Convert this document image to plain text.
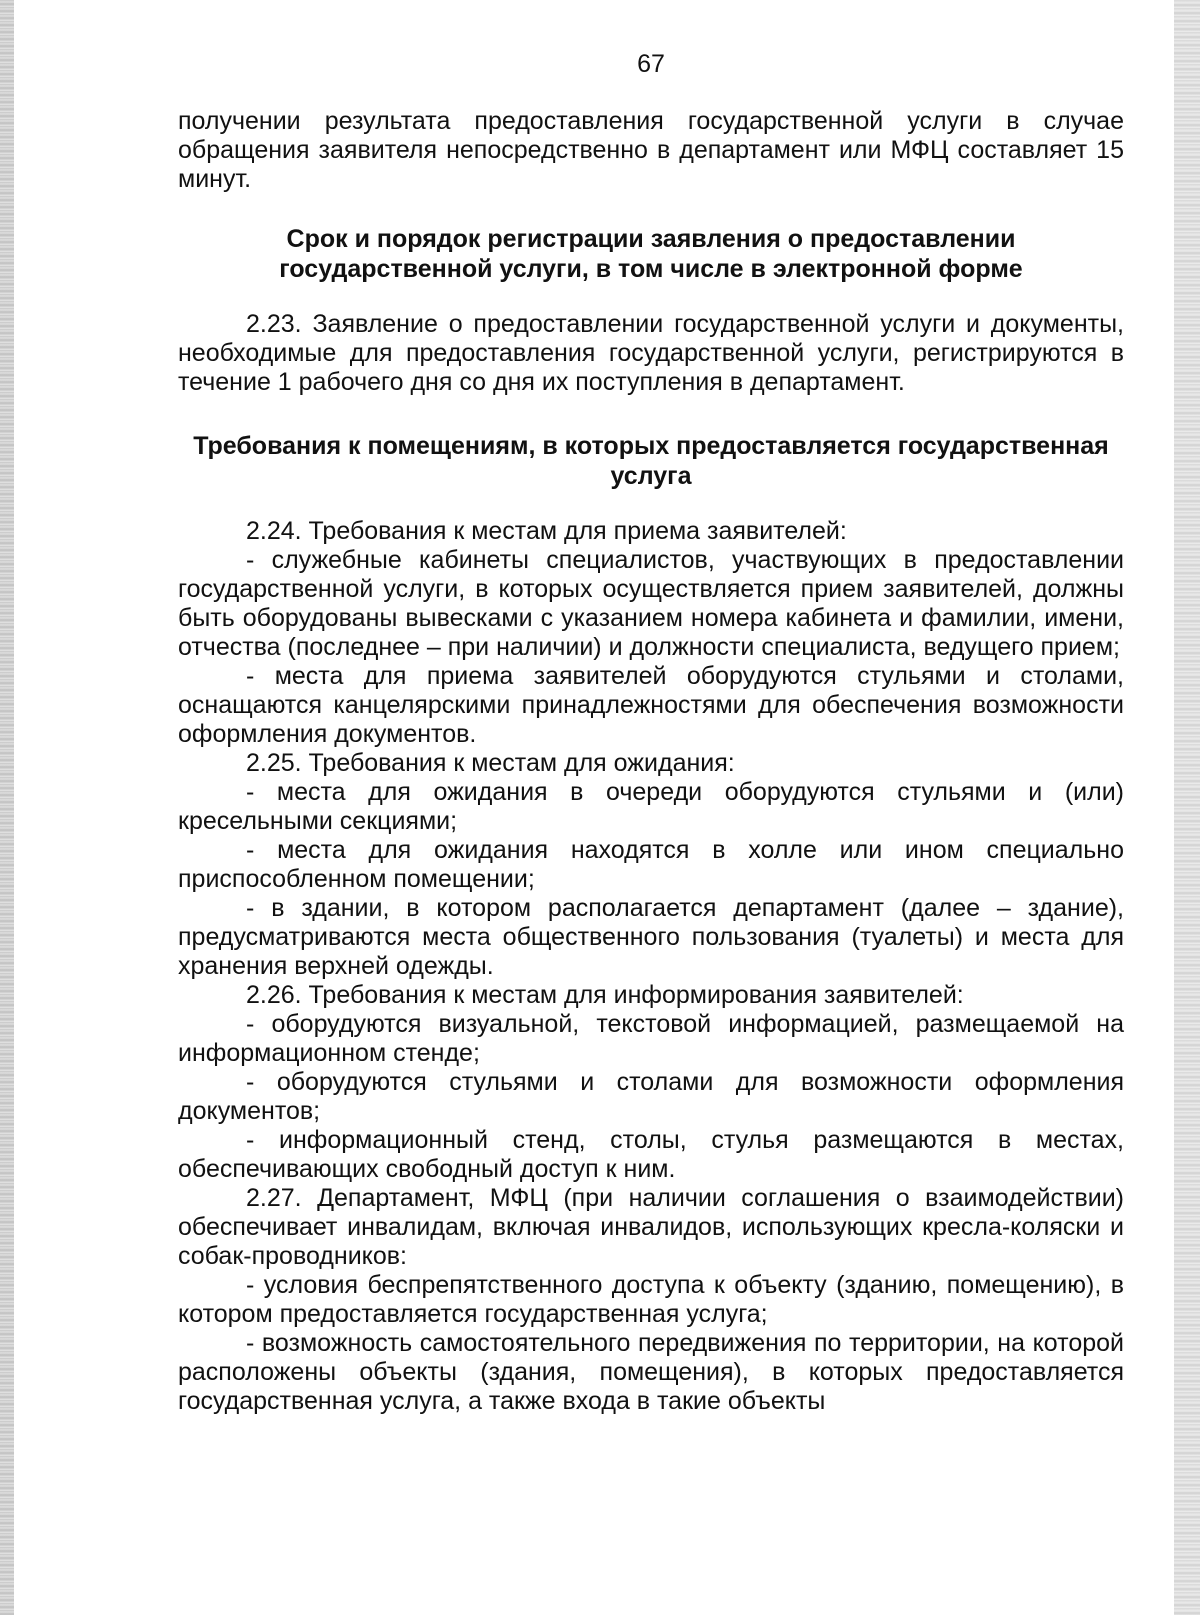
67

получении результата предоставления государственной услуги в случае обращения заявителя непосредственно в департамент или МФЦ составляет 15 минут.

Срок и порядок регистрации заявления о предоставлении государственной услуги, в том числе в электронной форме

2.23. Заявление о предоставлении государственной услуги и документы, необходимые для предоставления государственной услуги, регистрируются в течение 1 рабочего дня со дня их поступления в департамент.

Требования к помещениям, в которых предоставляется государственная услуга

2.24. Требования к местам для приема заявителей:

- служебные кабинеты специалистов, участвующих в предоставлении государственной услуги, в которых осуществляется прием заявителей, должны быть оборудованы вывесками с указанием номера кабинета и фамилии, имени, отчества (последнее – при наличии) и должности специалиста, ведущего прием;

- места для приема заявителей оборудуются стульями и столами, оснащаются канцелярскими принадлежностями для обеспечения возможности оформления документов.

2.25. Требования к местам для ожидания:

- места для ожидания в очереди оборудуются стульями и (или) кресельными секциями;

- места для ожидания находятся в холле или ином специально приспособленном помещении;

- в здании, в котором располагается департамент (далее – здание), предусматриваются места общественного пользования (туалеты) и места для хранения верхней одежды.

2.26. Требования к местам для информирования заявителей:

- оборудуются визуальной, текстовой информацией, размещаемой на информационном стенде;

- оборудуются стульями и столами для возможности оформления документов;

- информационный стенд, столы, стулья размещаются в местах, обеспечивающих свободный доступ к ним.

2.27. Департамент, МФЦ (при наличии соглашения о взаимодействии) обеспечивает инвалидам, включая инвалидов, использующих кресла-коляски и собак-проводников:

- условия беспрепятственного доступа к объекту (зданию, помещению), в котором предоставляется государственная услуга;

- возможность самостоятельного передвижения по территории, на которой расположены объекты (здания, помещения), в которых предоставляется государственная услуга, а также входа в такие объекты
